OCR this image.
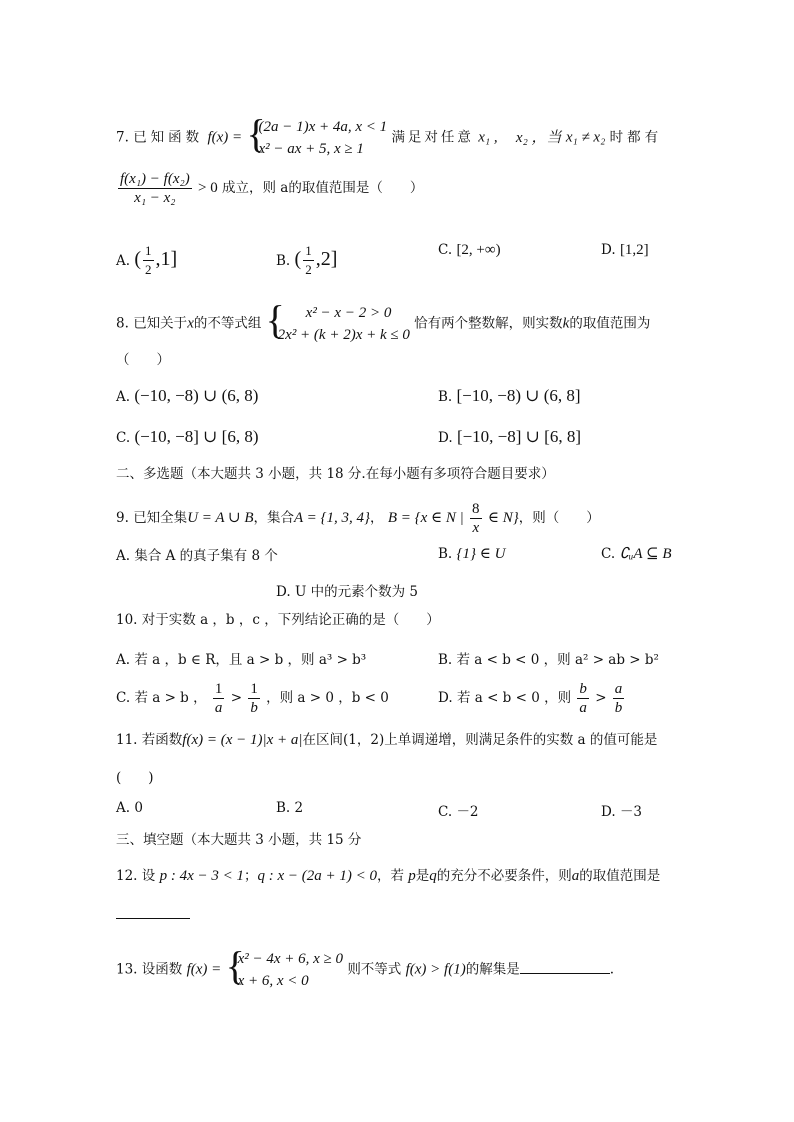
7. 已知函数 f(x) = {
(2a − 1)x + 4a, x < 1
x² − ax + 5, x ≥ 1
满足对任意 x₁ , x₂ ，当 x₁ ≠ x₂ 时都有
$\frac{\text{f(x₁) − f(x₂)}}{\text{x₁ − x₂}} > 0$ 成立，则 a的取值范围是（　　）
A. ( $\frac{1}{2} ,1$]	B. ( $\frac{1}{2} ,2$]	C. [2, +∞)	D. [1,2]
8. 已知关于x的不等式组 {	x² − x − 2 > 0
2x² + (k + 2)x + k ≤ 0
恰有两个整数解，则实数k的取值范围为
（　　）
A. (−10, −8) ∪ (6, 8)	B. [−10, −8) ∪ (6, 8]
C. (−10, −8] ∪ [6, 8)	D. [−10, −8] ∪ [6, 8]
二、多选题（本大题共 3 小题，共 18 分.在每小题有多项符合题目要求）
9. 已知全集U = A ∪ B，集合A = {1, 3, 4}， B = {x ∈ N | $\frac{8}{x}$ ∈ N}，则（　　）
A. 集合 A 的真子集有 8 个	B. {1} ∈ U	C. ∁ᵤA ⊆ B
D. U 中的元素个数为 5
10. 对于实数 a ，b ，c ，下列结论正确的是（　　）
A. 若 a ，b ∈ R，且 a > b ，则 a³ > b³	B. 若 a < b < 0 ，则 a² > ab > b²
C. 若 a > b ， $\frac{1}{a} > \frac{1}{b}$ ，则 a > 0 ，b < 0	D. 若 a < b < 0 ，则 $\frac{b}{a} > \frac{a}{b}$
11. 若函数f(x) = (x − 1)|x + a|在区间(1，2)上单调递增，则满足条件的实数 a 的值可能是
(　　)
A. 0	B. 2	C. －2	D. －3
三、填空题（本大题共 3 小题，共 15 分
12. 设 p : 4x − 3 < 1；q : x − (2a + 1) < 0，若 p是q的充分不必要条件，则a的取值范围是
13. 设函数 f(x) = {
x² − 4x + 6, x ≥ 0
x + 6, x < 0
则不等式 f(x) > f(1)的解集是	.
